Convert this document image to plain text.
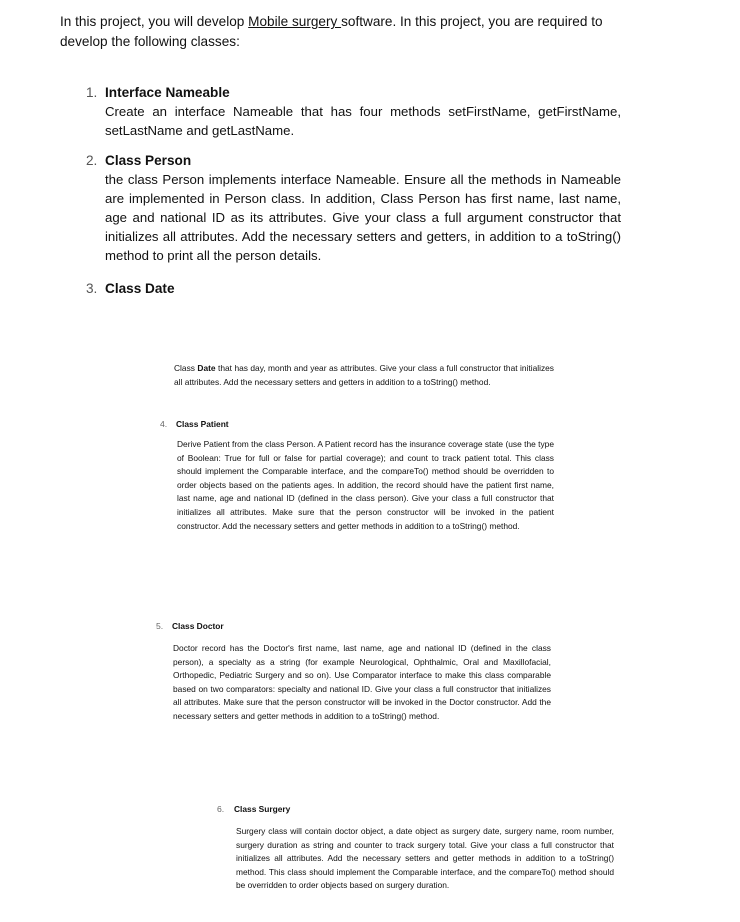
In this project, you will develop Mobile surgery software. In this project, you are required to develop the following classes:
1. Interface Nameable
Create an interface Nameable that has four methods setFirstName, getFirstName, setLastName and getLastName.
2. Class Person
the class Person implements interface Nameable. Ensure all the methods in Nameable are implemented in Person class. In addition, Class Person has first name, last name, age and national ID as its attributes. Give your class a full argument constructor that initializes all attributes. Add the necessary setters and getters, in addition to a toString() method to print all the person details.
3. Class Date
Class Date that has day, month and year as attributes. Give your class a full constructor that initializes all attributes. Add the necessary setters and getters in addition to a toString() method.
4. Class Patient
Derive Patient from the class Person. A Patient record has the insurance coverage state (use the type of Boolean: True for full or false for partial coverage); and count to track patient total. This class should implement the Comparable interface, and the compareTo() method should be overridden to order objects based on the patients ages. In addition, the record should have the patient first name, last name, age and national ID (defined in the class person). Give your class a full constructor that initializes all attributes. Make sure that the person constructor will be invoked in the patient constructor. Add the necessary setters and getter methods in addition to a toString() method.
5. Class Doctor
Doctor record has the Doctor's first name, last name, age and national ID (defined in the class person), a specialty as a string (for example Neurological, Ophthalmic, Oral and Maxillofacial, Orthopedic, Pediatric Surgery and so on). Use Comparator interface to make this class comparable based on two comparators: specialty and national ID. Give your class a full constructor that initializes all attributes. Make sure that the person constructor will be invoked in the Doctor constructor. Add the necessary setters and getter methods in addition to a toString() method.
6. Class Surgery
Surgery class will contain doctor object, a date object as surgery date, surgery name, room number, surgery duration as string and counter to track surgery total. Give your class a full constructor that initializes all attributes. Add the necessary setters and getter methods in addition to a toString() method. This class should implement the Comparable interface, and the compareTo() method should be overridden to order objects based on surgery duration.
